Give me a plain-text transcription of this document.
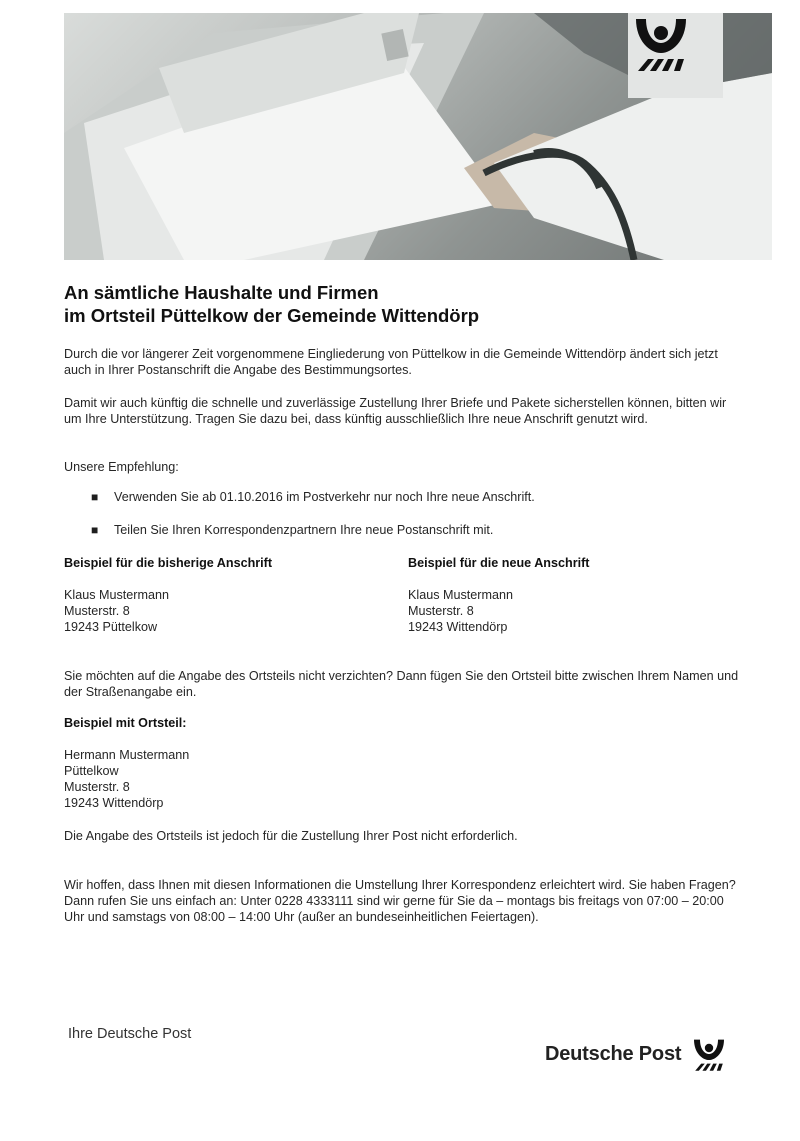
An sämtliche Haushalte und Firmen
im Ortsteil Püttelkow der Gemeinde Wittendörp

Durch die vor längerer Zeit vorgenommene Eingliederung von Püttelkow in die Gemeinde Wittendörp ändert sich jetzt auch in Ihrer Postanschrift die Angabe des Bestimmungsortes.

Damit wir auch künftig die schnelle und zuverlässige Zustellung Ihrer Briefe und Pakete sicherstellen können, bitten wir um Ihre Unterstützung. Tragen Sie dazu bei, dass künftig ausschließlich Ihre neue Anschrift genutzt wird.

Unsere Empfehlung:

■ Verwenden Sie ab 01.10.2016 im Postverkehr nur noch Ihre neue Anschrift.

■ Teilen Sie Ihren Korrespondenzpartnern Ihre neue Postanschrift mit.

Beispiel für die bisherige Anschrift

Klaus Mustermann
Musterstr. 8
19243 Püttelkow

Beispiel für die neue Anschrift

Klaus Mustermann
Musterstr. 8
19243 Wittendörp

Sie möchten auf die Angabe des Ortsteils nicht verzichten? Dann fügen Sie den Ortsteil bitte zwischen Ihrem Namen und der Straßenangabe ein.

Beispiel mit Ortsteil:

Hermann Mustermann
Püttelkow
Musterstr. 8
19243 Wittendörp

Die Angabe des Ortsteils ist jedoch für die Zustellung Ihrer Post nicht erforderlich.

Wir hoffen, dass Ihnen mit diesen Informationen die Umstellung Ihrer Korrespondenz erleichtert wird. Sie haben Fragen? Dann rufen Sie uns einfach an: Unter 0228 4333111 sind wir gerne für Sie da – montags bis freitags von 07:00 – 20:00 Uhr und samstags von 08:00 – 14:00 Uhr (außer an bundeseinheitlichen Feiertagen).

Ihre Deutsche Post
Deutsche Post
